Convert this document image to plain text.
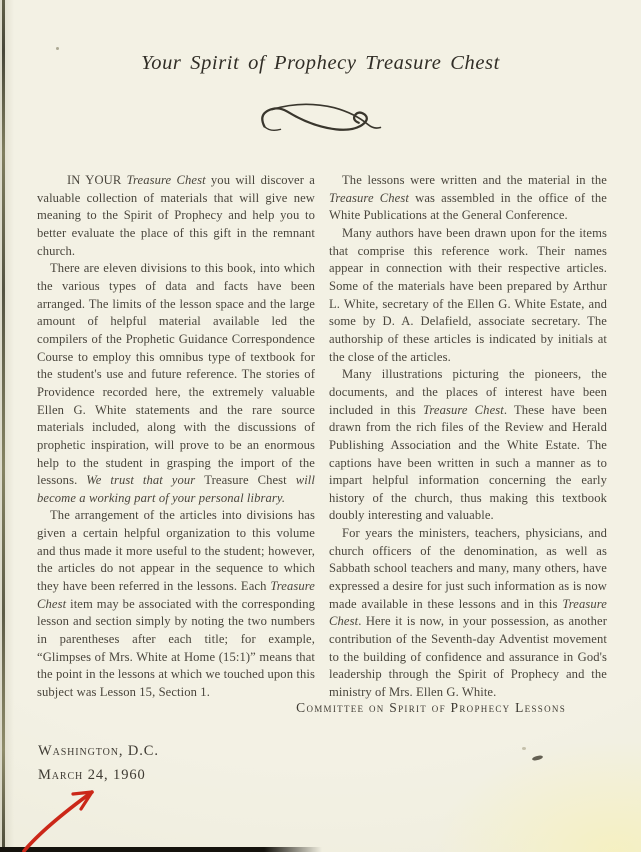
Your Spirit of Prophecy Treasure Chest

IN YOUR Treasure Chest you will discover a valuable collection of materials that will give new meaning to the Spirit of Prophecy and help you to better evaluate the place of this gift in the remnant church.

There are eleven divisions to this book, into which the various types of data and facts have been arranged. The limits of the lesson space and the large amount of helpful material available led the compilers of the Prophetic Guidance Correspondence Course to employ this omnibus type of textbook for the student's use and future reference. The stories of Providence recorded here, the extremely valuable Ellen G. White statements and the rare source materials included, along with the discussions of prophetic inspiration, will prove to be an enormous help to the student in grasping the import of the lessons. We trust that your Treasure Chest will become a working part of your personal library.

The arrangement of the articles into divisions has given a certain helpful organization to this volume and thus made it more useful to the student; however, the articles do not appear in the sequence to which they have been referred in the lessons. Each Treasure Chest item may be associated with the corresponding lesson and section simply by noting the two numbers in parentheses after each title; for example, “Glimpses of Mrs. White at Home (15:1)” means that the point in the lessons at which we touched upon this subject was Lesson 15, Section 1.

The lessons were written and the material in the Treasure Chest was assembled in the office of the White Publications at the General Conference.

Many authors have been drawn upon for the items that comprise this reference work. Their names appear in connection with their respective articles. Some of the materials have been prepared by Arthur L. White, secretary of the Ellen G. White Estate, and some by D. A. Delafield, associate secretary. The authorship of these articles is indicated by initials at the close of the articles.

Many illustrations picturing the pioneers, the documents, and the places of interest have been included in this Treasure Chest. These have been drawn from the rich files of the Review and Herald Publishing Association and the White Estate. The captions have been written in such a manner as to impart helpful information concerning the early history of the church, thus making this textbook doubly interesting and valuable.

For years the ministers, teachers, physicians, and church officers of the denomination, as well as Sabbath school teachers and many, many others, have expressed a desire for just such information as is now made available in these lessons and in this Treasure Chest. Here it is now, in your possession, as another contribution of the Seventh-day Adventist movement to the building of confidence and assurance in God's leadership through the Spirit of Prophecy and the ministry of Mrs. Ellen G. White.

Committee on Spirit of Prophecy Lessons
Washington, D.C.
March 24, 1960
